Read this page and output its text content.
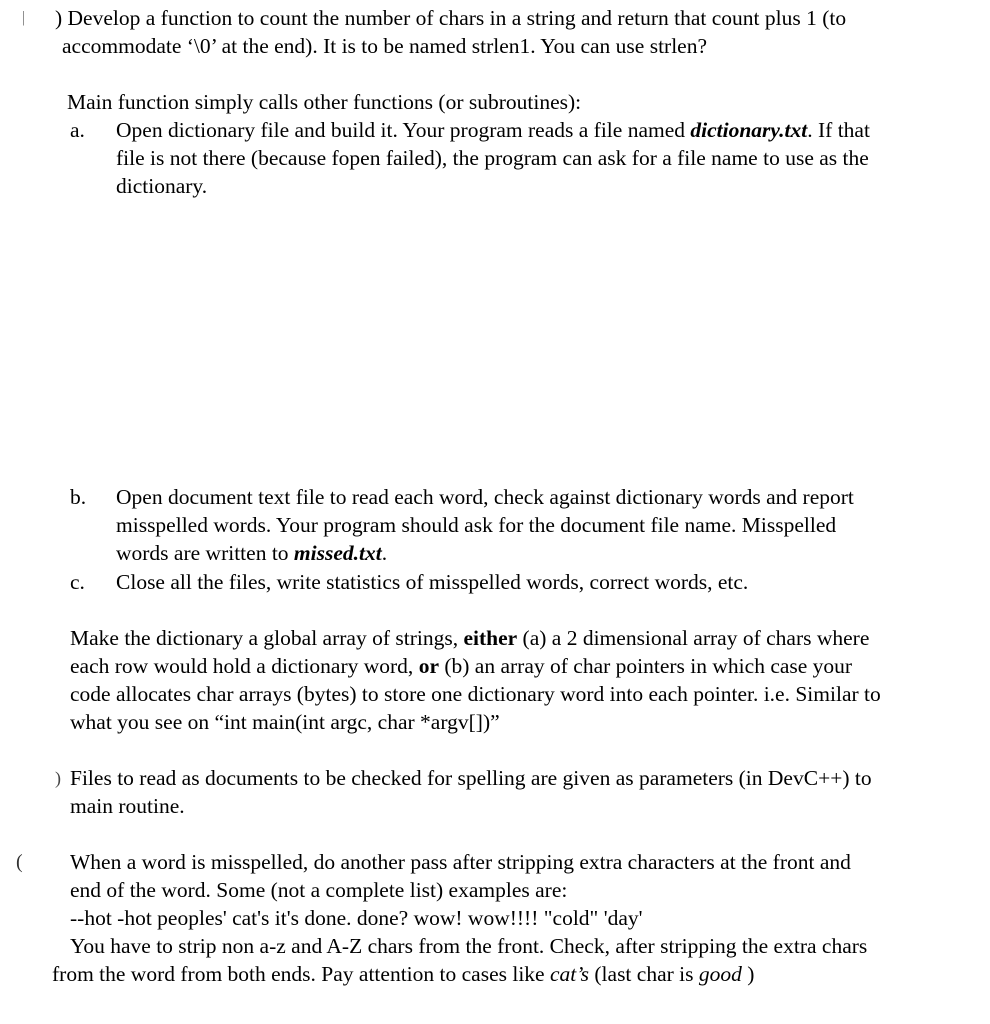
| ) Develop a function to count the number of chars in a string and return that count plus 1 (to
accommodate ‘\0’ at the end). It is to be named strlen1. You can use strlen?
Main function simply calls other functions (or subroutines):
a. Open dictionary file and build it. Your program reads a file named dictionary.txt. If that
file is not there (because fopen failed), the program can ask for a file name to use as the
dictionary.
b. Open document text file to read each word, check against dictionary words and report
misspelled words. Your program should ask for the document file name. Misspelled
words are written to missed.txt.
c. Close all the files, write statistics of misspelled words, correct words, etc.
Make the dictionary a global array of strings, either (a) a 2 dimensional array of chars where
each row would hold a dictionary word, or (b) an array of char pointers in which case your
code allocates char arrays (bytes) to store one dictionary word into each pointer. i.e. Similar to
what you see on “int main(int argc, char *argv[])”
) Files to read as documents to be checked for spelling are given as parameters (in DevC++) to
main routine.
( When a word is misspelled, do another pass after stripping extra characters at the front and
end of the word. Some (not a complete list) examples are:
--hot -hot peoples' cat's it's done. done? wow! wow!!!! "cold" 'day'
You have to strip non a-z and A-Z chars from the front. Check, after stripping the extra chars
from the word from both ends. Pay attention to cases like cat’s (last char is good )
